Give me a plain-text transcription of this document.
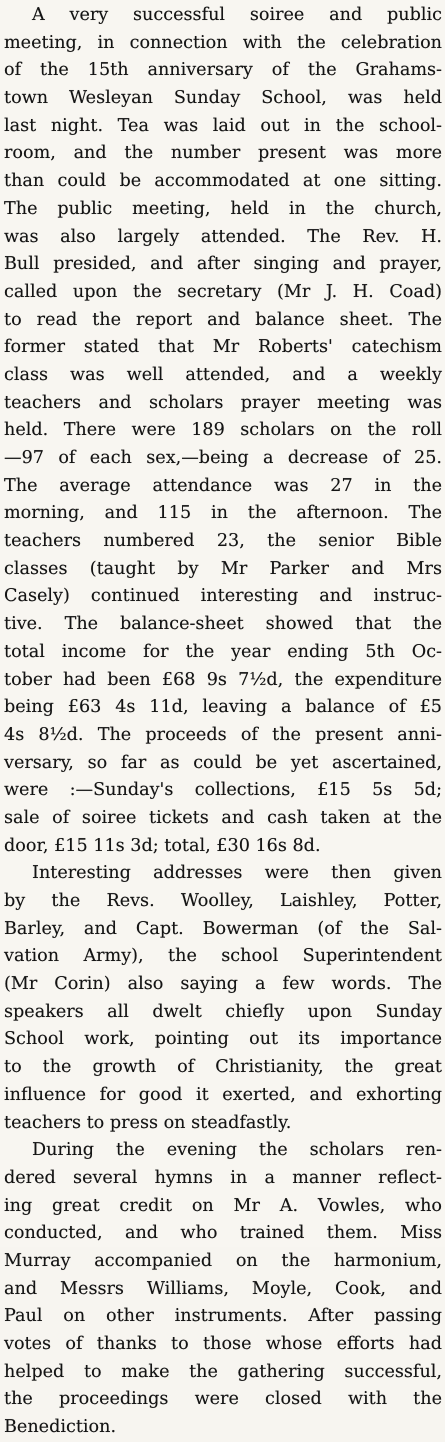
A very successful soiree and public
meeting, in connection with the celebration
of the 15th anniversary of the Grahams-
town Wesleyan Sunday School, was held
last night. Tea was laid out in the school-
room, and the number present was more
than could be accommodated at one sitting.
The public meeting, held in the church,
was also largely attended. The Rev. H.
Bull presided, and after singing and prayer,
called upon the secretary (Mr J. H. Coad)
to read the report and balance sheet. The
former stated that Mr Roberts' catechism
class was well attended, and a weekly
teachers and scholars prayer meeting was
held. There were 189 scholars on the roll
—97 of each sex,—being a decrease of 25.
The average attendance was 27 in the
morning, and 115 in the afternoon. The
teachers numbered 23, the senior Bible
classes (taught by Mr Parker and Mrs
Casely) continued interesting and instruc-
tive. The balance-sheet showed that the
total income for the year ending 5th Oc-
tober had been £68 9s 7½d, the expenditure
being £63 4s 11d, leaving a balance of £5
4s 8½d. The proceeds of the present anni-
versary, so far as could be yet ascertained,
were :—Sunday's collections, £15 5s 5d;
sale of soiree tickets and cash taken at the
door, £15 11s 3d; total, £30 16s 8d.
Interesting addresses were then given
by the Revs. Woolley, Laishley, Potter,
Barley, and Capt. Bowerman (of the Sal-
vation Army), the school Superintendent
(Mr Corin) also saying a few words. The
speakers all dwelt chiefly upon Sunday
School work, pointing out its importance
to the growth of Christianity, the great
influence for good it exerted, and exhorting
teachers to press on steadfastly.
During the evening the scholars ren-
dered several hymns in a manner reflect-
ing great credit on Mr A. Vowles, who
conducted, and who trained them. Miss
Murray accompanied on the harmonium,
and Messrs Williams, Moyle, Cook, and
Paul on other instruments. After passing
votes of thanks to those whose efforts had
helped to make the gathering successful,
the proceedings were closed with the
Benediction.
